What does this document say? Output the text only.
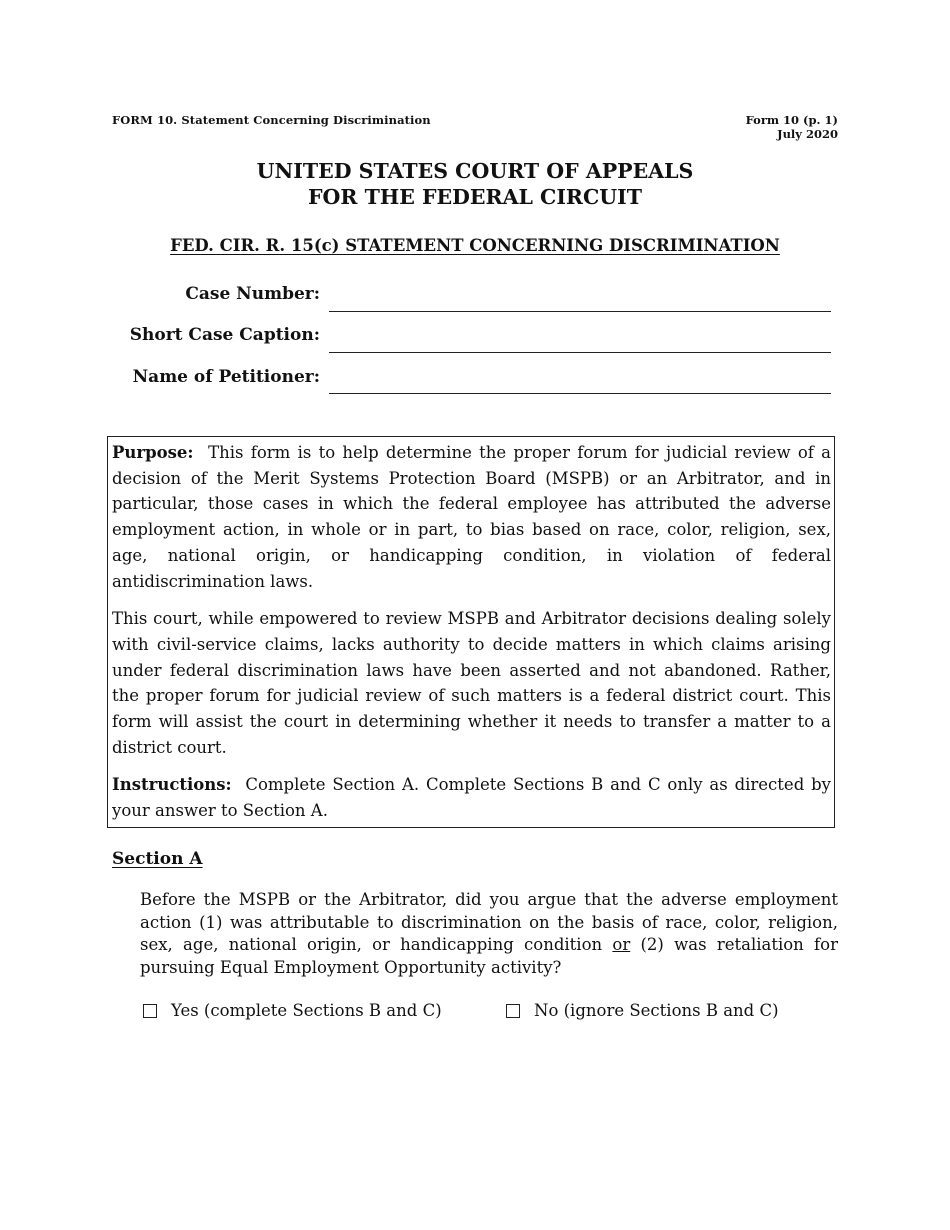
FORM 10. Statement Concerning Discrimination	Form 10 (p. 1)
July 2020
UNITED STATES COURT OF APPEALS
FOR THE FEDERAL CIRCUIT
FED. CIR. R. 15(c) STATEMENT CONCERNING DISCRIMINATION
Case Number:
Short Case Caption:
Name of Petitioner:

Purpose: This form is to help determine the proper forum for judicial review of a decision of the Merit Systems Protection Board (MSPB) or an Arbitrator, and in particular, those cases in which the federal employee has attributed the adverse employment action, in whole or in part, to bias based on race, color, religion, sex, age, national origin, or handicapping condition, in violation of federal antidiscrimination laws.

This court, while empowered to review MSPB and Arbitrator decisions dealing solely with civil-service claims, lacks authority to decide matters in which claims arising under federal discrimination laws have been asserted and not abandoned. Rather, the proper forum for judicial review of such matters is a federal district court. This form will assist the court in determining whether it needs to transfer a matter to a district court.

Instructions: Complete Section A. Complete Sections B and C only as directed by your answer to Section A.

Section A
Before the MSPB or the Arbitrator, did you argue that the adverse employment action (1) was attributable to discrimination on the basis of race, color, religion, sex, age, national origin, or handicapping condition or (2) was retaliation for pursuing Equal Employment Opportunity activity?
Yes (complete Sections B and C)	No (ignore Sections B and C)
